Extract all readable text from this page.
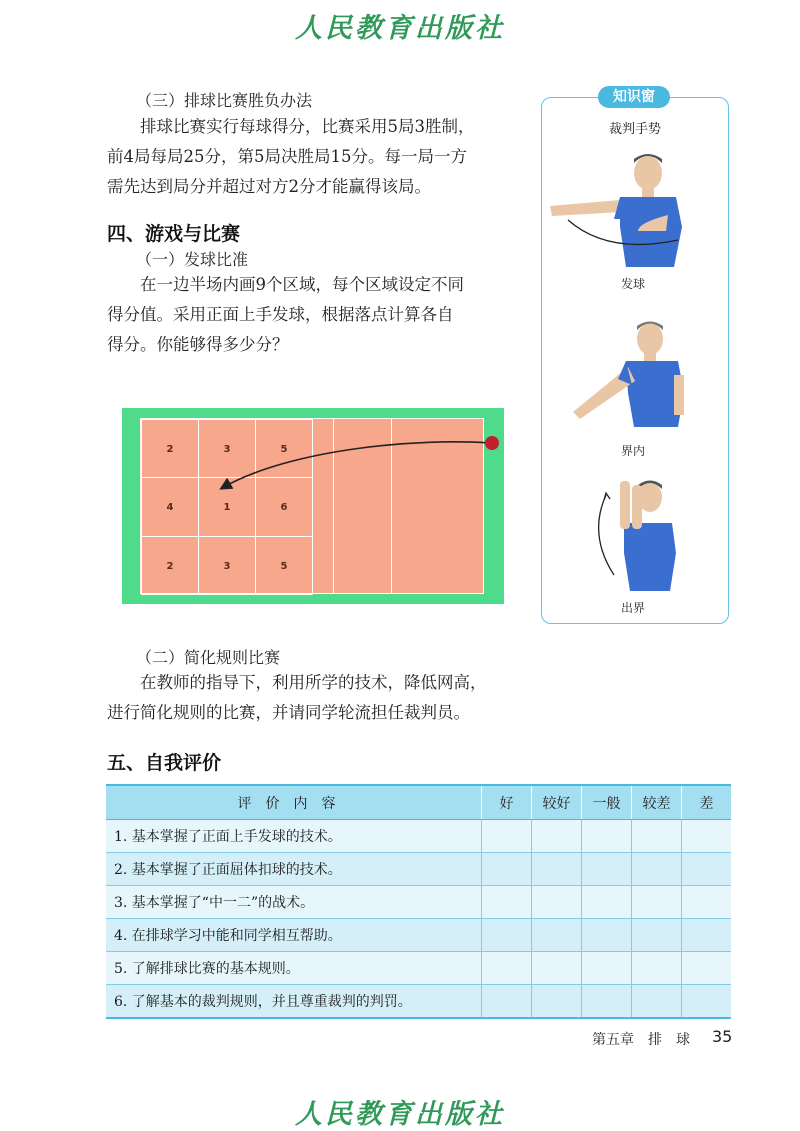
人民教育出版社
（三）排球比赛胜负办法
排球比赛实行每球得分，比赛采用5局3胜制，
前4局每局25分，第5局决胜局15分。每一局一方
需先达到局分并超过对方2分才能赢得该局。
四、游戏与比赛
（一）发球比准
在一边半场内画9个区域，每个区域设定不同
得分值。采用正面上手发球，根据落点计算各自
得分。你能够得多少分？
2	3	5
4	1	6
2	3	5
（二）简化规则比赛
在教师的指导下，利用所学的技术，降低网高，
进行简化规则的比赛，并请同学轮流担任裁判员。
知识窗
裁判手势
发球
界内
出界
五、自我评价
评价内容	好	较好	一般	较差	差
1. 基本掌握了正面上手发球的技术。					
2. 基本掌握了正面屈体扣球的技术。					
3. 基本掌握了“中一二”的战术。					
4. 在排球学习中能和同学相互帮助。					
5. 了解排球比赛的基本规则。					
6. 了解基本的裁判规则，并且尊重裁判的判罚。					
第五章　排　球 35
人民教育出版社
